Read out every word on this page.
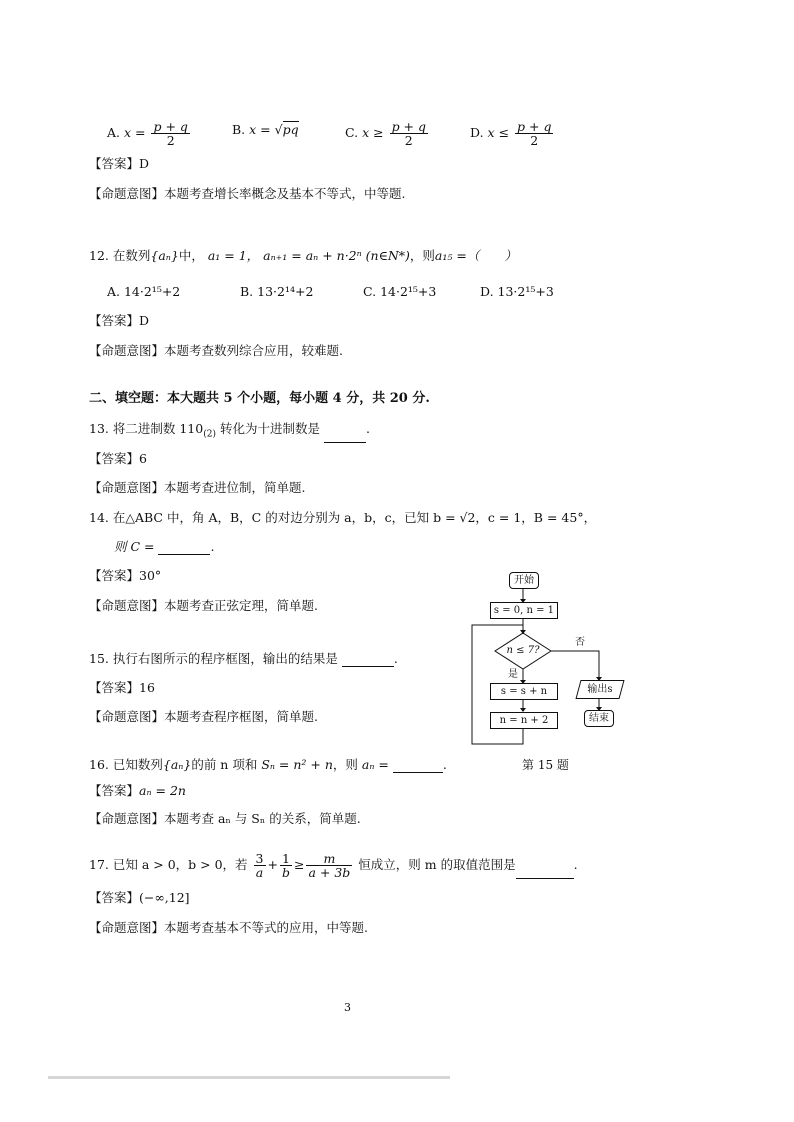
A. $x = \frac{p + q}{2}$	B. x = √pq	C. $x \ge \frac{p + q}{2}$	D. $x \le \frac{p + q}{2}$
【答案】D
【命题意图】本题考查增长率概念及基本不等式，中等题.
12. 在数列{aₙ}中， a₁ = 1， aₙ₊₁ = aₙ + n·2ⁿ (n∈N*)，则a₁₅ =（　　）
A. 14·2¹⁵+2	B. 13·2¹⁴+2	C. 14·2¹⁵+3	D. 13·2¹⁵+3
【答案】D
【命题意图】本题考查数列综合应用，较难题.
二、填空题：本大题共 5 个小题，每小题 4 分，共 20 分.
13. 将二进制数 $110_{(2)}$ 转化为十进制数是	.
【答案】6
【命题意图】本题考查进位制，简单题.
14. 在△ABC 中，角 A，B，C 的对边分别为 a，b，c，已知 b = √2，c = 1，B = 45°，
则 C =	.
【答案】30°
【命题意图】本题考查正弦定理，简单题.
15. 执行右图所示的程序框图，输出的结果是	.
【答案】16
【命题意图】本题考查程序框图，简单题.
开始
s = 0, n = 1
n ≤ 7?
是
否
s = s + n
n = n + 2
输出s
结束
第 15 题
16. 已知数列{aₙ}的前 n 项和 Sₙ = n² + n，则 aₙ =	.
【答案】aₙ = 2n
【命题意图】本题考查 aₙ 与 Sₙ 的关系，简单题.
17. 已知 a > 0，b > 0，若 $\frac{3}{a} + \frac{1}{b} \ge \frac{m}{a + 3b}$ 恒成立，则 m 的取值范围是	.
【答案】(−∞,12]
【命题意图】本题考查基本不等式的应用，中等题.
3
